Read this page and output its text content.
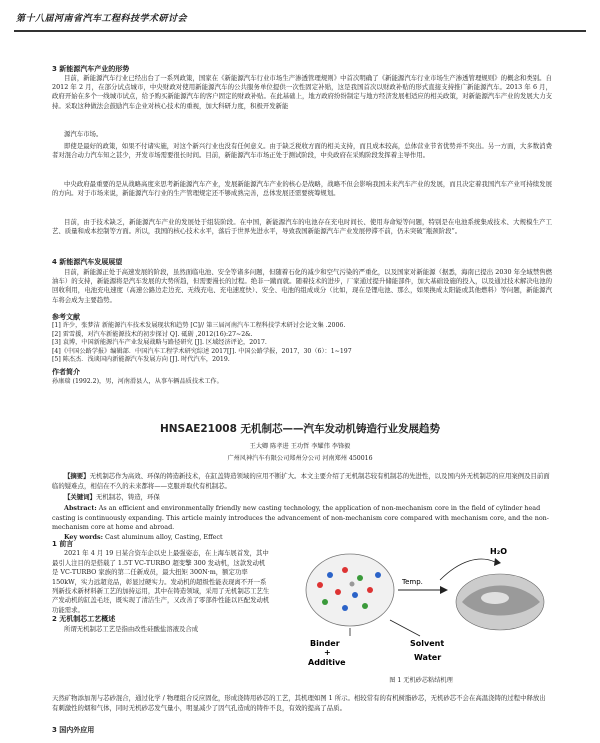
第十八届河南省汽车工程科技学术研讨会
3 新能源汽车产业的形势

目前，新能源汽车行业已经出台了一系列政策，国家在《新能源汽车行业市场生产渗透管理规则》中首次明确了《新能源汽车行业市场生产渗透管理规则》的概念和类别。自 2012 年 2 月，在部分试点城市，中央财政对使用新能源汽车的公共服务单位提供一次性固定补贴，这是我国首次以财政补贴的形式直接支持推广新能源汽车。2013 年 6 月，政府开始在多个一线城市试点，给予购买新能源汽车的客户固定的财政补贴。在此基础上，地方政府纷纷制定与地方经济发展相适应的相关政策，对新能源汽车产业的发展大力支持。采取这种做法会鼓励汽车企业对核心技术的重视，加大科研力度，积极开发新能

源汽车市场。

即使是最好的政策，如果不付诸实施，对这个新兴行业也没有任何意义。由于缺乏税收方面的相关支持，而且成本较高，总体营业节省优势并不突出。另一方面，大多数消费者对混合动力汽车知之甚少，开发市场需要很长时间。目前，新能源汽车市场正处于测试阶段，中央政府在采购阶段发挥着主导作用。

中央政府最重要的是从战略高度来思考新能源汽车产业，发展新能源汽车产业的核心是战略，战略不但会影响我国未来汽车产业的发展，而且决定着我国汽车产业可持续发展的方向。对于市场来说，新能源汽车行业的生产管理规定还不够成熟完善，总体发展还需要统筹规划。

目前，由于技术缺乏，新能源汽车产业的发展处于组装阶段。在中国，新能源汽车的电池存在充电时间长、使用寿命短等问题，特别是在电池系统集成技术、大规模生产工艺、质量和成本控制等方面。所以，我国的核心技术水平，落后于世界先进水平，导致我国新能源汽车产业发展停滞不前，仍未突破“瓶颈阶段”。

4 新能源汽车发展展望

目前，新能源正处于高速发展的阶段，虽然面临电池、安全等诸多问题，但随着石化的减少和空气污染的严重化，以及国家对新能源（据悉，海南已提出 2030 年全域禁售燃油车）的支持，新能源将是汽车发展的大势所趋，但需要漫长的过程。绝非一蹴而就。随着技术的进步，厂家通过提升储能部件，加大基础设施的投入，以及通过技术解决电池的回收利用，电池充电速度（高速公路边走边充、无线充电、充电速度快）、安全、电池的组成成分（比如，现在是锂电池、那么，如果换成太阳能或其他燃料）等问题，新能源汽车将会成为主要趋势。

参考文献
[1] 许少，张梦洁 新能源汽车技术发展现状和趋势 [C]// 第三届河南汽车工程科技学术研讨会论文集 .2006.
[2] 雷雪援，对汽车新能源技术的初步探讨 Q]. 砥砺 ,2012(16):27~2&.
[3] 袁博，中国新能源汽车产业发展战略与路径研究 [J]. 区域经济评论，2017.
[4]《中国公路学报》编辑部．中国汽车工程学术研究综述 2017[J]. 中国公路学报，2017，30（6）：1~197
[5] 陈杰杰．浅谈国内新能源汽车发展方向 [J]. 时代汽车，2019.
作者简介
孙康瑞 (1992.2)，男，河南滑县人，从事车辆品质技术工作。
HNSAE21008 无机制芯——汽车发动机铸造行业发展趋势
王大卿 陈孝进 王功哲 李耀伟 李锋毅
广州风神汽车有限公司郑州分公司 河南郑州 450016

【摘要】无机制芯作为高效、环保的铸造新技术，在缸盖铸造领域的应用不断扩大。本文主要介绍了无机制芯较有机制芯的先进性，以及国内外无机制芯的应用案例及目前面临的疑难点，相信在不久的未来都将——克服并取代有机制芯。

【关键词】无机制芯，铸造，环保

Abstract: As an efficient and environmentally friendly new casting technology, the application of non-mechanism core in the field of cylinder head casting is continuously expanding. This article mainly introduces the advancement of non-mechanism core compared with mechanism core, and the non-mechanism core at home and abroad.

Key words: Cast aluminum alloy, Casting, Effect

1 前言
2021 年 4 月 19 日某合资车企以史上最强姿态，在上海车展首发，其中最引人注目的是搭载了 1.5T VC-TURBO 超变擎 300 发动机，这款发动机是 VC-TURBO 家族的第二任新成员，最大扭矩 300N·m，额定功率 150kW，实力远超竞品，彰显过硬实力。发动机的超级性能表现离不开一系列新技术新材料新工艺的加持运用，其中在铸造领域，采用了无机制芯工艺生产发动机的缸盖毛坯，既实现了清洁生产，又改善了零部件性能以匹配发动机功能需求。
2 无机制芯工艺概述
所谓无机制芯工艺是指由改性硅酸盐溶液及合成
Temp.
H₂O
Binder
+
Additive
Solvent
Water
图 1 无机砂芯粘结机理

天然矿物添加剂与芯砂混合，通过化学 / 物理组合反应固化，形成浇铸用砂芯的工艺，其机理如图 1 所示。相较常有的有机树脂砂芯，无机砂芯不会在高温浇铸的过程中释放出有刺激性的烟和气体，同时无机砂芯发气量小，明显减少了因气孔造成的铸件不良，有效的提高了品质。

3 国内外应用
